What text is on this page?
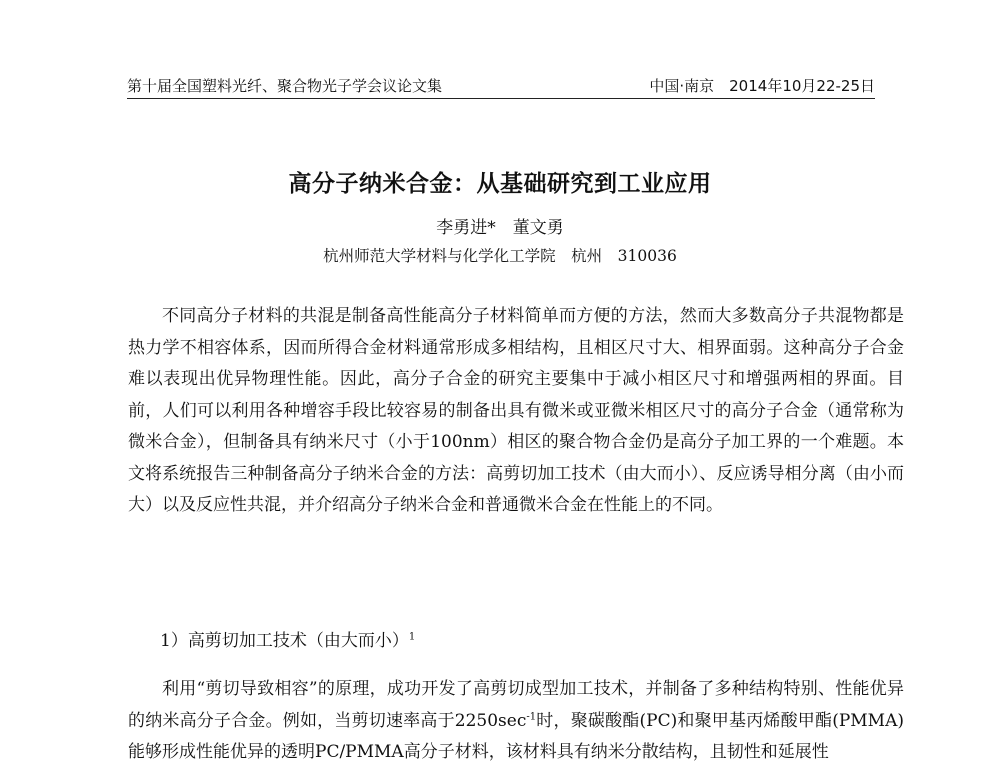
第十届全国塑料光纤、聚合物光子学会议论文集	中国·南京　2014年10月22-25日
高分子纳米合金：从基础研究到工业应用
李勇进*　董文勇
杭州师范大学材料与化学化工学院　杭州　310036

不同高分子材料的共混是制备高性能高分子材料简单而方便的方法，然而大多数高分子共混物都是热力学不相容体系，因而所得合金材料通常形成多相结构，且相区尺寸大、相界面弱。这种高分子合金难以表现出优异物理性能。因此，高分子合金的研究主要集中于减小相区尺寸和增强两相的界面。目前，人们可以利用各种增容手段比较容易的制备出具有微米或亚微米相区尺寸的高分子合金（通常称为微米合金），但制备具有纳米尺寸（小于100nm）相区的聚合物合金仍是高分子加工界的一个难题。本文将系统报告三种制备高分子纳米合金的方法：高剪切加工技术（由大而小）、反应诱导相分离（由小而大）以及反应性共混，并介绍高分子纳米合金和普通微米合金在性能上的不同。

1）高剪切加工技术（由大而小）$^1$

利用“剪切导致相容”的原理，成功开发了高剪切成型加工技术，并制备了多种结构特别、性能优异的纳米高分子合金。例如，当剪切速率高于$2250\sec^{-1}$时，聚碳酸酯(PC)和聚甲基丙烯酸甲酯(PMMA)能够形成性能优异的透明PC/PMMA高分子材料，该材料具有纳米分散结构，且韧性和延展性
